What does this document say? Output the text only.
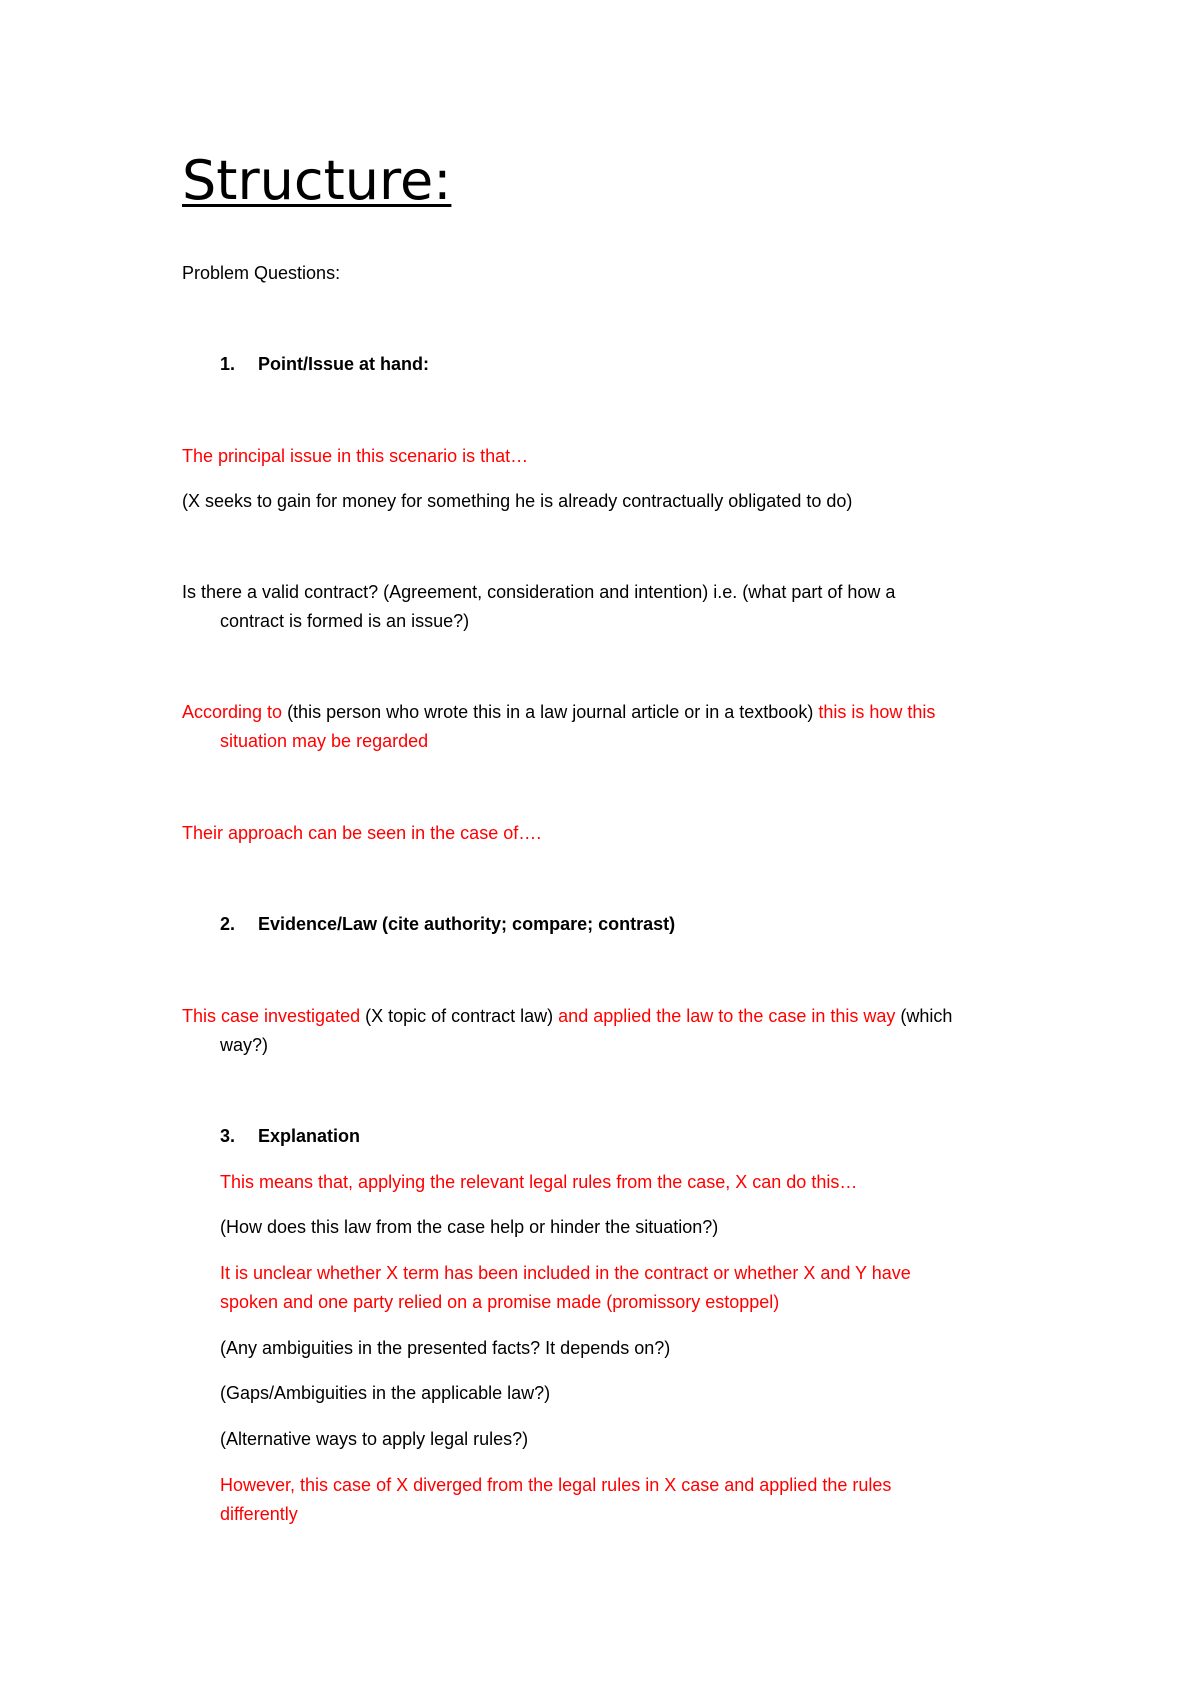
Structure:
Problem Questions:
1. Point/Issue at hand:
The principal issue in this scenario is that…
(X seeks to gain for money for something he is already contractually obligated to do)
Is there a valid contract? (Agreement, consideration and intention) i.e. (what part of how a
contract is formed is an issue?)
According to (this person who wrote this in a law journal article or in a textbook) this is how this
situation may be regarded
Their approach can be seen in the case of….
2. Evidence/Law (cite authority; compare; contrast)
This case investigated (X topic of contract law) and applied the law to the case in this way (which
way?)
3. Explanation
This means that, applying the relevant legal rules from the case, X can do this…
(How does this law from the case help or hinder the situation?)
It is unclear whether X term has been included in the contract or whether X and Y have
spoken and one party relied on a promise made (promissory estoppel)
(Any ambiguities in the presented facts? It depends on?)
(Gaps/Ambiguities in the applicable law?)
(Alternative ways to apply legal rules?)
However, this case of X diverged from the legal rules in X case and applied the rules
differently
